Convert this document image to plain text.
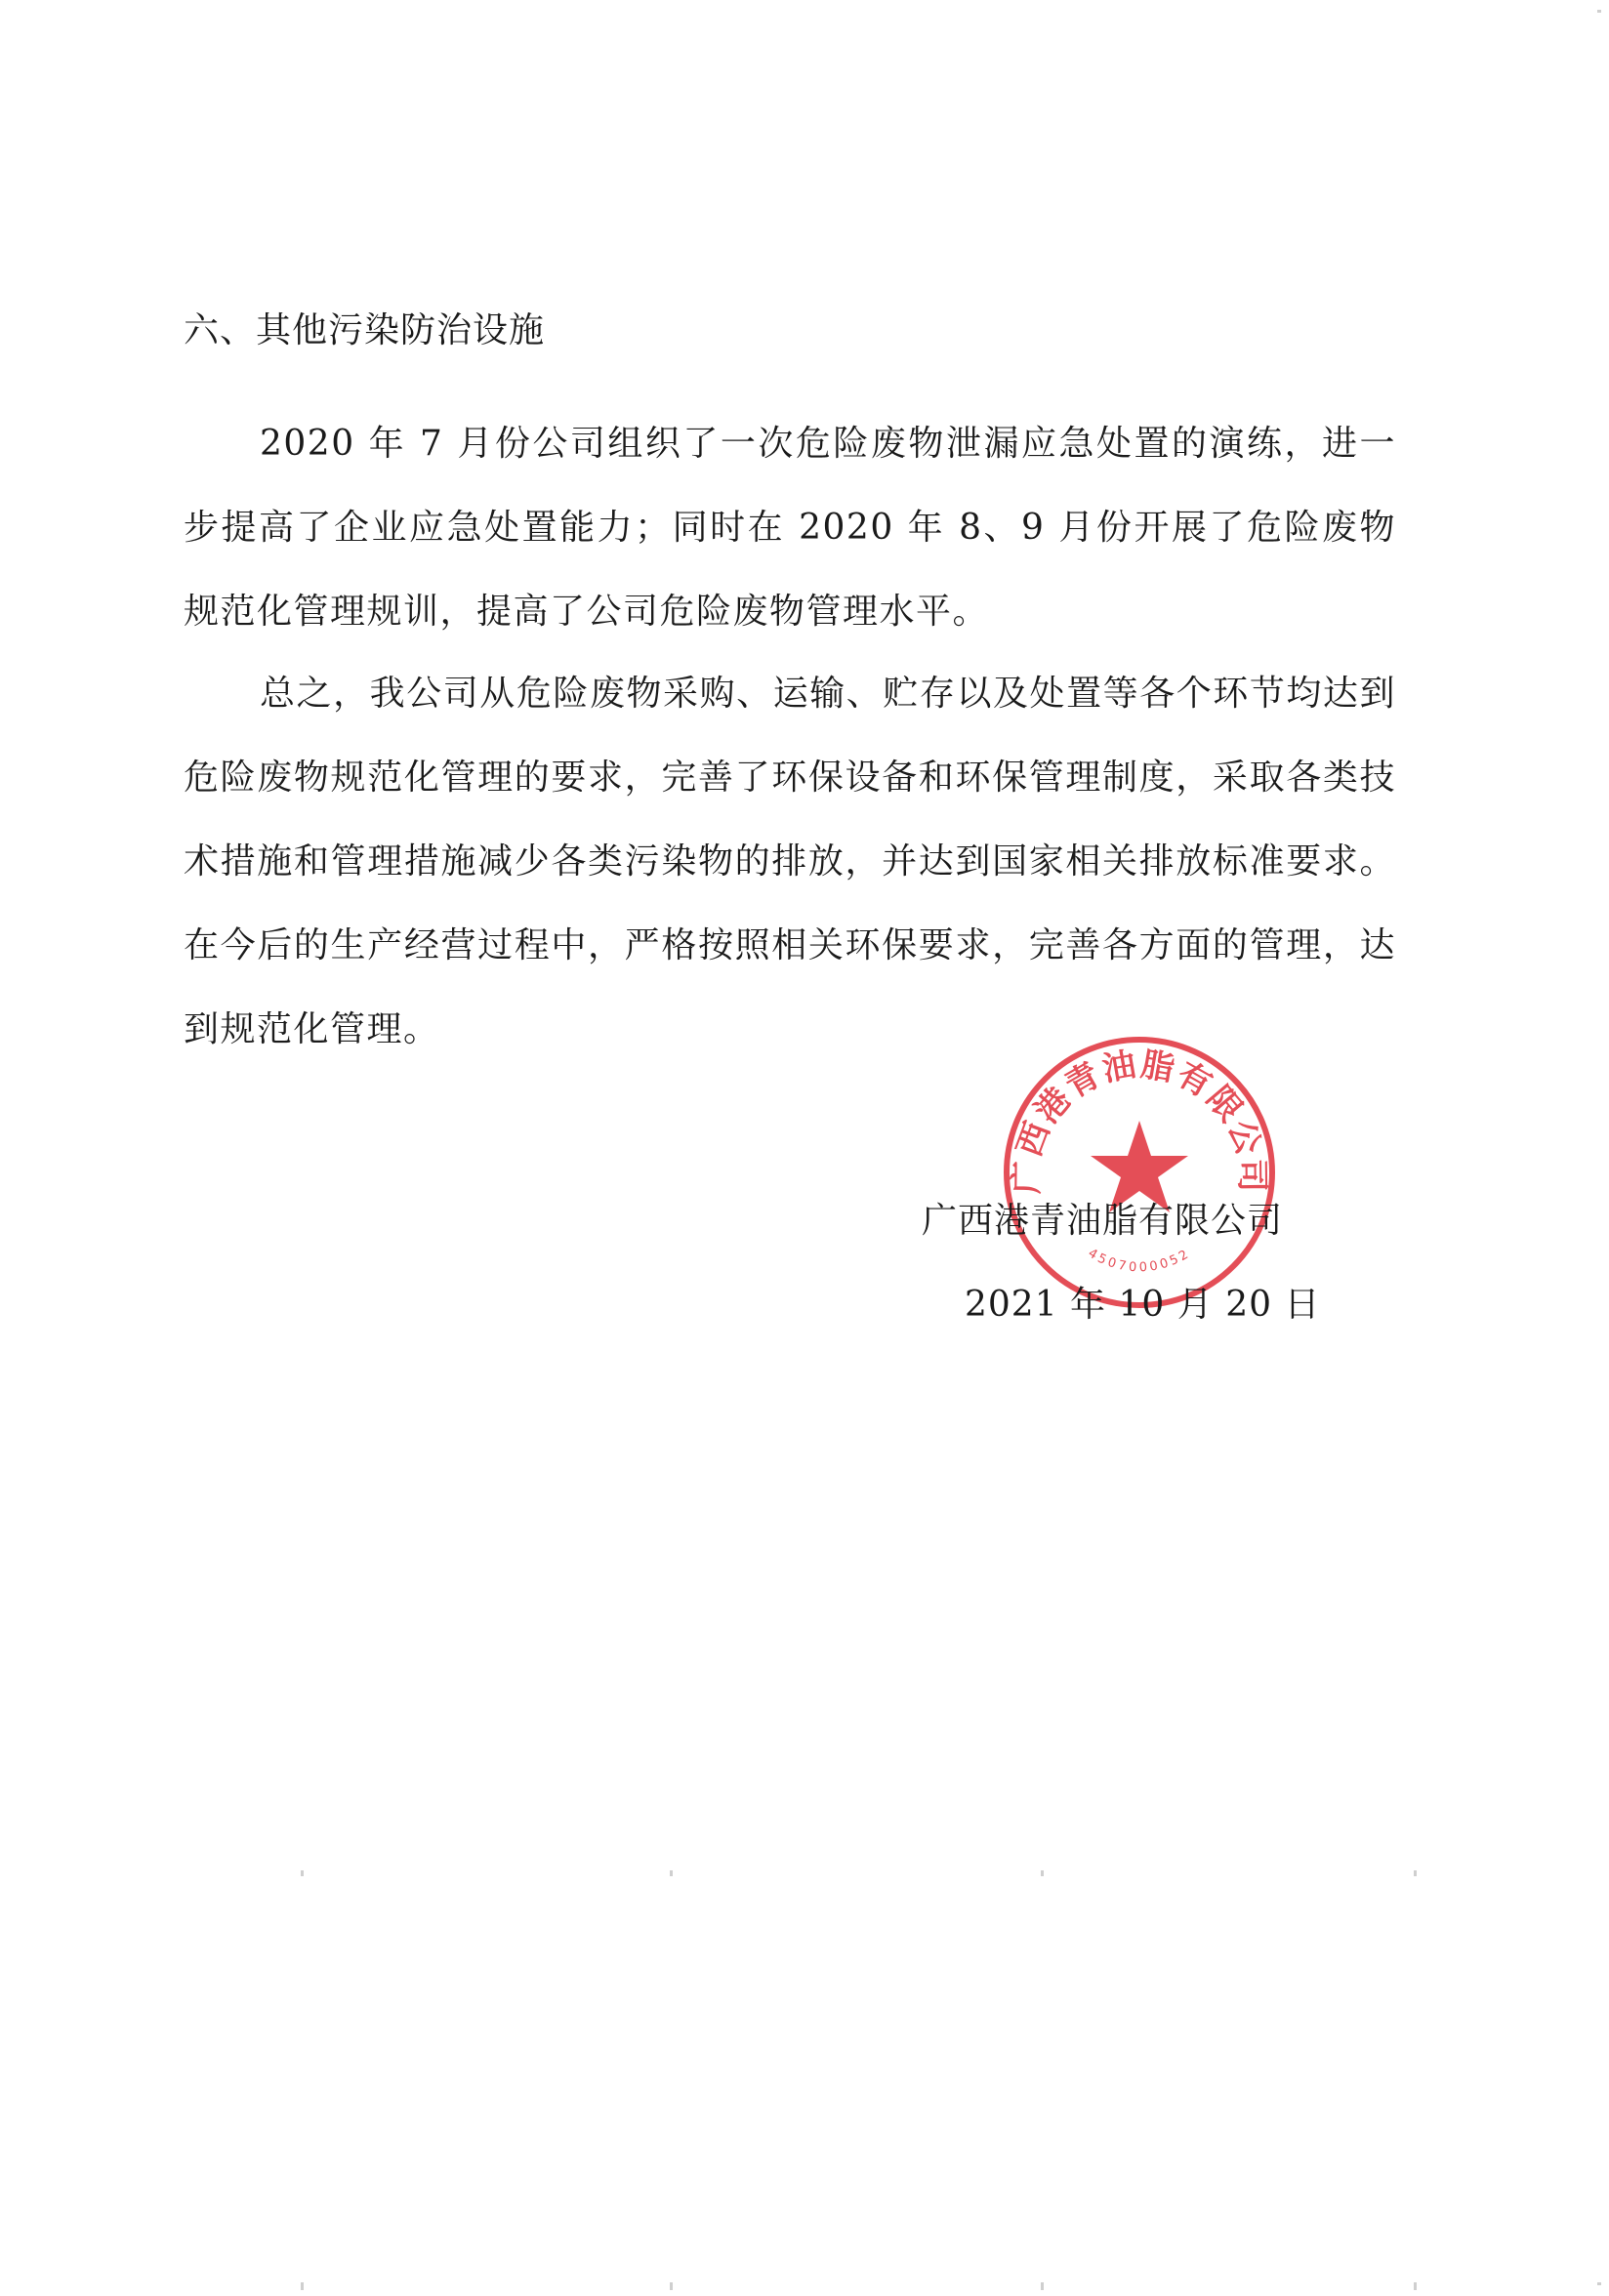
六、其他污染防治设施

2020 年 7 月份公司组织了一次危险废物泄漏应急处置的演练，进一步提高了企业应急处置能力；同时在 2020 年 8、9 月份开展了危险废物规范化管理规训，提高了公司危险废物管理水平。

总之，我公司从危险废物采购、运输、贮存以及处置等各个环节均达到危险废物规范化管理的要求，完善了环保设备和环保管理制度，采取各类技术措施和管理措施减少各类污染物的排放，并达到国家相关排放标准要求。在今后的生产经营过程中，严格按照相关环保要求，完善各方面的管理，达到规范化管理。

广西港青油脂有限公司
4507000052
广西港青油脂有限公司
2021 年 10 月 20 日
